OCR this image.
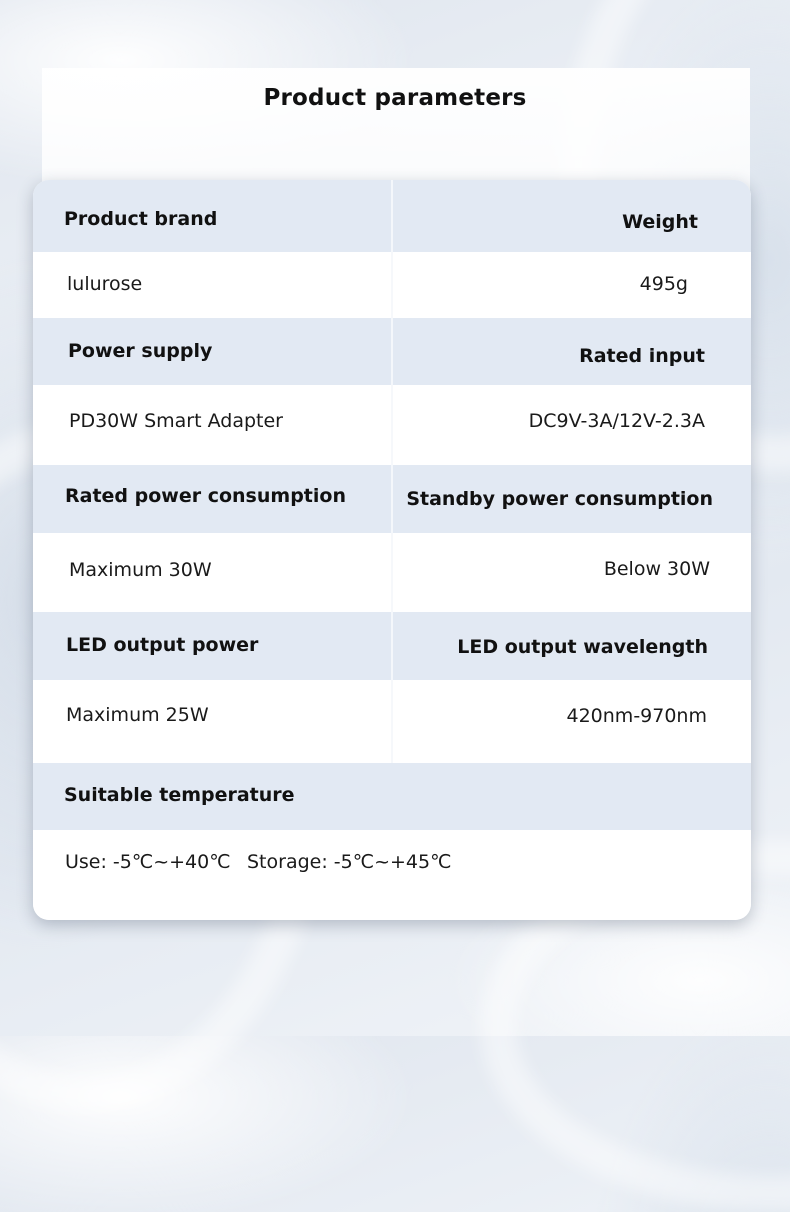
Product parameters
Product brand	Weight
lulurose	495g
Power supply	Rated input
PD30W Smart Adapter	DC9V-3A/12V-2.3A
Rated power consumption	Standby power consumption
Maximum 30W	Below 30W
LED output power	LED output wavelength
Maximum 25W	420nm-970nm
Suitable temperature
Use: -5℃~+40℃ Storage: -5℃~+45℃
